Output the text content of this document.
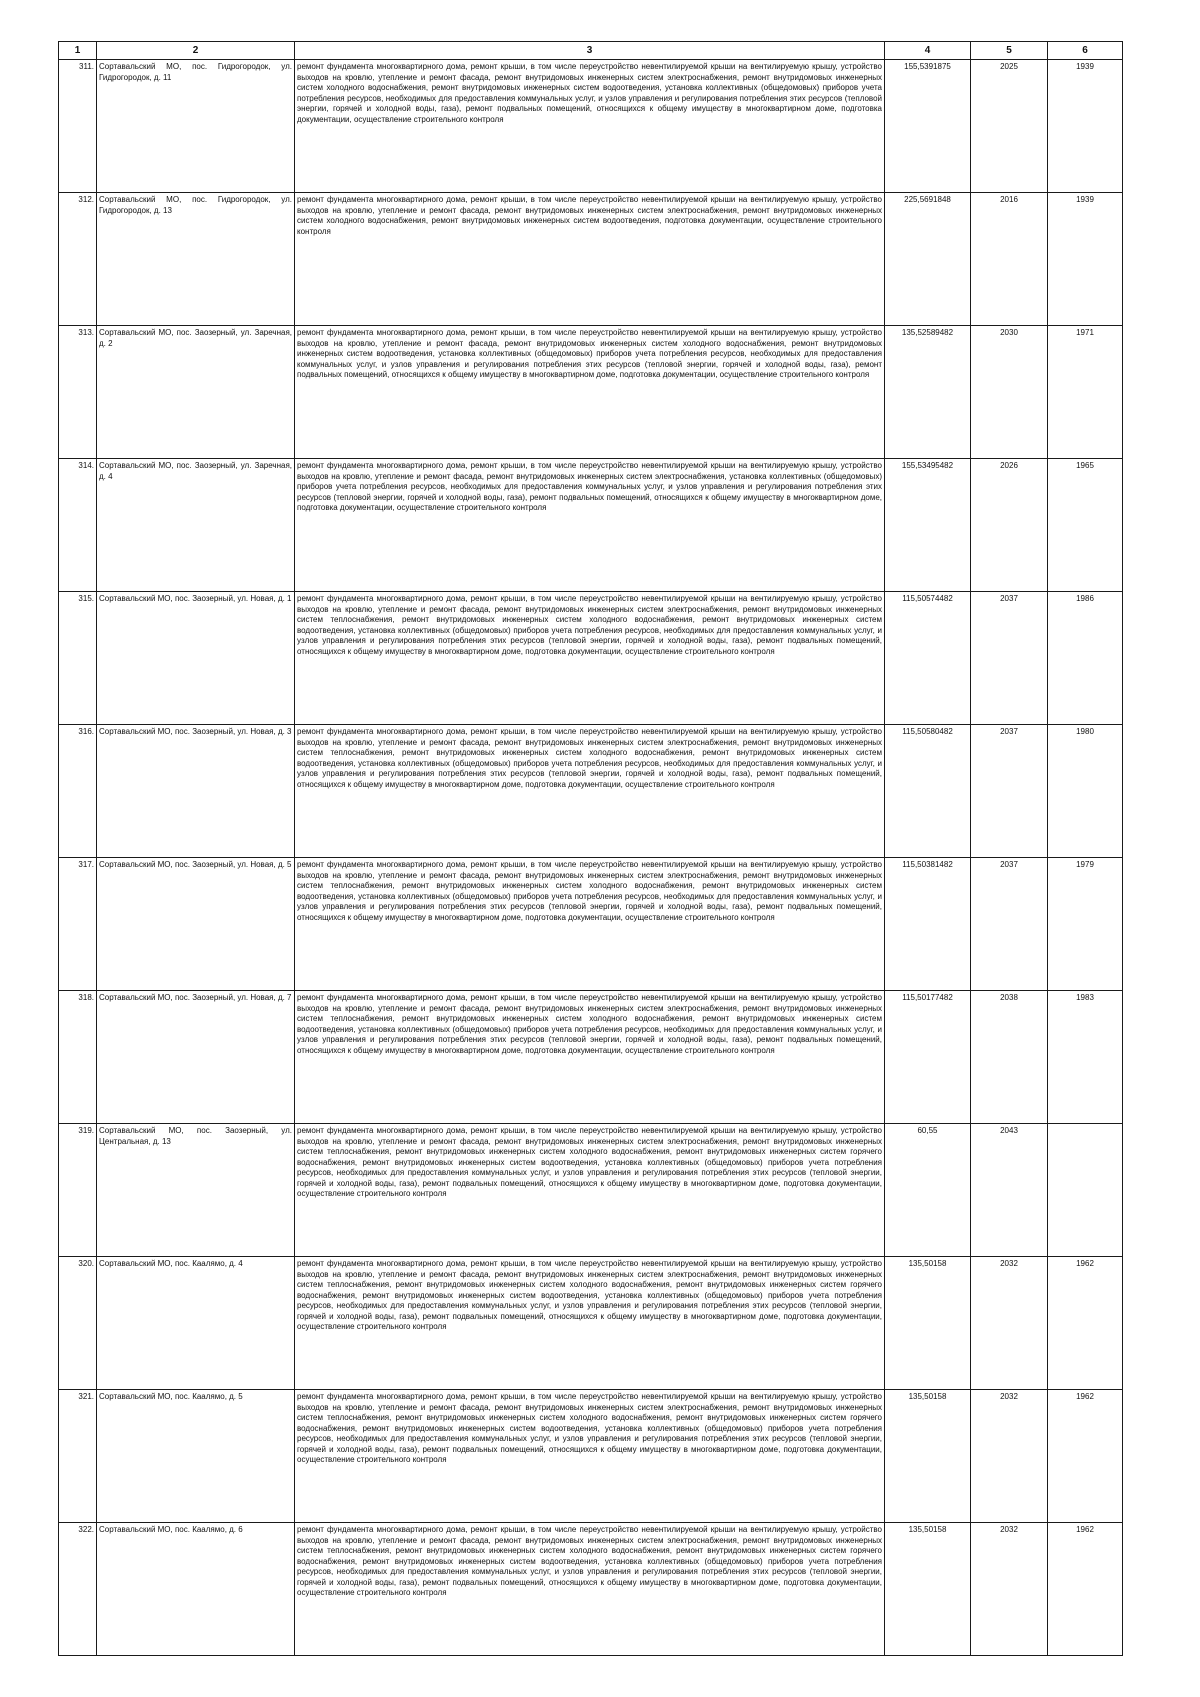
1	2	3	4	5	6
311.	Сортавальский МО, пос. Гидрогородок, ул. Гидрогородок, д. 11	ремонт фундамента многоквартирного дома, ремонт крыши, в том числе переустройство невентилируемой крыши на вентилируемую крышу, устройство выходов на кровлю, утепление и ремонт фасада, ремонт внутридомовых инженерных систем электроснабжения, ремонт внутридомовых инженерных систем холодного водоснабжения, ремонт внутридомовых инженерных систем водоотведения, установка коллективных (общедомовых) приборов учета потребления ресурсов, необходимых для предоставления коммунальных услуг, и узлов управления и регулирования потребления этих ресурсов (тепловой энергии, горячей и холодной воды, газа), ремонт подвальных помещений, относящихся к общему имуществу в многоквартирном доме, подготовка документации, осуществление строительного контроля	155,5391875	2025	1939
312.	Сортавальский МО, пос. Гидрогородок, ул. Гидрогородок, д. 13	ремонт фундамента многоквартирного дома, ремонт крыши, в том числе переустройство невентилируемой крыши на вентилируемую крышу, устройство выходов на кровлю, утепление и ремонт фасада, ремонт внутридомовых инженерных систем электроснабжения, ремонт внутридомовых инженерных систем холодного водоснабжения, ремонт внутридомовых инженерных систем водоотведения, подготовка документации, осуществление строительного контроля	225,5691848	2016	1939
313.	Сортавальский МО, пос. Заозерный, ул. Заречная, д. 2	ремонт фундамента многоквартирного дома, ремонт крыши, в том числе переустройство невентилируемой крыши на вентилируемую крышу, устройство выходов на кровлю, утепление и ремонт фасада, ремонт внутридомовых инженерных систем холодного водоснабжения, ремонт внутридомовых инженерных систем водоотведения, установка коллективных (общедомовых) приборов учета потребления ресурсов, необходимых для предоставления коммунальных услуг, и узлов управления и регулирования потребления этих ресурсов (тепловой энергии, горячей и холодной воды, газа), ремонт подвальных помещений, относящихся к общему имуществу в многоквартирном доме, подготовка документации, осуществление строительного контроля	135,52589482	2030	1971
314.	Сортавальский МО, пос. Заозерный, ул. Заречная, д. 4	ремонт фундамента многоквартирного дома, ремонт крыши, в том числе переустройство невентилируемой крыши на вентилируемую крышу, устройство выходов на кровлю, утепление и ремонт фасада, ремонт внутридомовых инженерных систем электроснабжения, установка коллективных (общедомовых) приборов учета потребления ресурсов, необходимых для предоставления коммунальных услуг, и узлов управления и регулирования потребления этих ресурсов (тепловой энергии, горячей и холодной воды, газа), ремонт подвальных помещений, относящихся к общему имуществу в многоквартирном доме, подготовка документации, осуществление строительного контроля	155,53495482	2026	1965
315.	Сортавальский МО, пос. Заозерный, ул. Новая, д. 1	ремонт фундамента многоквартирного дома, ремонт крыши, в том числе переустройство невентилируемой крыши на вентилируемую крышу, устройство выходов на кровлю, утепление и ремонт фасада, ремонт внутридомовых инженерных систем электроснабжения, ремонт внутридомовых инженерных систем теплоснабжения, ремонт внутридомовых инженерных систем холодного водоснабжения, ремонт внутридомовых инженерных систем водоотведения, установка коллективных (общедомовых) приборов учета потребления ресурсов, необходимых для предоставления коммунальных услуг, и узлов управления и регулирования потребления этих ресурсов (тепловой энергии, горячей и холодной воды, газа), ремонт подвальных помещений, относящихся к общему имуществу в многоквартирном доме, подготовка документации, осуществление строительного контроля	115,50574482	2037	1986
316.	Сортавальский МО, пос. Заозерный, ул. Новая, д. 3	ремонт фундамента многоквартирного дома, ремонт крыши, в том числе переустройство невентилируемой крыши на вентилируемую крышу, устройство выходов на кровлю, утепление и ремонт фасада, ремонт внутридомовых инженерных систем электроснабжения, ремонт внутридомовых инженерных систем теплоснабжения, ремонт внутридомовых инженерных систем холодного водоснабжения, ремонт внутридомовых инженерных систем водоотведения, установка коллективных (общедомовых) приборов учета потребления ресурсов, необходимых для предоставления коммунальных услуг, и узлов управления и регулирования потребления этих ресурсов (тепловой энергии, горячей и холодной воды, газа), ремонт подвальных помещений, относящихся к общему имуществу в многоквартирном доме, подготовка документации, осуществление строительного контроля	115,50580482	2037	1980
317.	Сортавальский МО, пос. Заозерный, ул. Новая, д. 5	ремонт фундамента многоквартирного дома, ремонт крыши, в том числе переустройство невентилируемой крыши на вентилируемую крышу, устройство выходов на кровлю, утепление и ремонт фасада, ремонт внутридомовых инженерных систем электроснабжения, ремонт внутридомовых инженерных систем теплоснабжения, ремонт внутридомовых инженерных систем холодного водоснабжения, ремонт внутридомовых инженерных систем водоотведения, установка коллективных (общедомовых) приборов учета потребления ресурсов, необходимых для предоставления коммунальных услуг, и узлов управления и регулирования потребления этих ресурсов (тепловой энергии, горячей и холодной воды, газа), ремонт подвальных помещений, относящихся к общему имуществу в многоквартирном доме, подготовка документации, осуществление строительного контроля	115,50381482	2037	1979
318.	Сортавальский МО, пос. Заозерный, ул. Новая, д. 7	ремонт фундамента многоквартирного дома, ремонт крыши, в том числе переустройство невентилируемой крыши на вентилируемую крышу, устройство выходов на кровлю, утепление и ремонт фасада, ремонт внутридомовых инженерных систем электроснабжения, ремонт внутридомовых инженерных систем теплоснабжения, ремонт внутридомовых инженерных систем холодного водоснабжения, ремонт внутридомовых инженерных систем водоотведения, установка коллективных (общедомовых) приборов учета потребления ресурсов, необходимых для предоставления коммунальных услуг, и узлов управления и регулирования потребления этих ресурсов (тепловой энергии, горячей и холодной воды, газа), ремонт подвальных помещений, относящихся к общему имуществу в многоквартирном доме, подготовка документации, осуществление строительного контроля	115,50177482	2038	1983
319.	Сортавальский МО, пос. Заозерный, ул. Центральная, д. 13	ремонт фундамента многоквартирного дома, ремонт крыши, в том числе переустройство невентилируемой крыши на вентилируемую крышу, устройство выходов на кровлю, утепление и ремонт фасада, ремонт внутридомовых инженерных систем электроснабжения, ремонт внутридомовых инженерных систем теплоснабжения, ремонт внутридомовых инженерных систем холодного водоснабжения, ремонт внутридомовых инженерных систем горячего водоснабжения, ремонт внутридомовых инженерных систем водоотведения, установка коллективных (общедомовых) приборов учета потребления ресурсов, необходимых для предоставления коммунальных услуг, и узлов управления и регулирования потребления этих ресурсов (тепловой энергии, горячей и холодной воды, газа), ремонт подвальных помещений, относящихся к общему имуществу в многоквартирном доме, подготовка документации, осуществление строительного контроля	60,55	2043	
320.	Сортавальский МО, пос. Каалямо, д. 4	ремонт фундамента многоквартирного дома, ремонт крыши, в том числе переустройство невентилируемой крыши на вентилируемую крышу, устройство выходов на кровлю, утепление и ремонт фасада, ремонт внутридомовых инженерных систем электроснабжения, ремонт внутридомовых инженерных систем теплоснабжения, ремонт внутридомовых инженерных систем холодного водоснабжения, ремонт внутридомовых инженерных систем горячего водоснабжения, ремонт внутридомовых инженерных систем водоотведения, установка коллективных (общедомовых) приборов учета потребления ресурсов, необходимых для предоставления коммунальных услуг, и узлов управления и регулирования потребления этих ресурсов (тепловой энергии, горячей и холодной воды, газа), ремонт подвальных помещений, относящихся к общему имуществу в многоквартирном доме, подготовка документации, осуществление строительного контроля	135,50158	2032	1962
321.	Сортавальский МО, пос. Каалямо, д. 5	ремонт фундамента многоквартирного дома, ремонт крыши, в том числе переустройство невентилируемой крыши на вентилируемую крышу, устройство выходов на кровлю, утепление и ремонт фасада, ремонт внутридомовых инженерных систем электроснабжения, ремонт внутридомовых инженерных систем теплоснабжения, ремонт внутридомовых инженерных систем холодного водоснабжения, ремонт внутридомовых инженерных систем горячего водоснабжения, ремонт внутридомовых инженерных систем водоотведения, установка коллективных (общедомовых) приборов учета потребления ресурсов, необходимых для предоставления коммунальных услуг, и узлов управления и регулирования потребления этих ресурсов (тепловой энергии, горячей и холодной воды, газа), ремонт подвальных помещений, относящихся к общему имуществу в многоквартирном доме, подготовка документации, осуществление строительного контроля	135,50158	2032	1962
322.	Сортавальский МО, пос. Каалямо, д. 6	ремонт фундамента многоквартирного дома, ремонт крыши, в том числе переустройство невентилируемой крыши на вентилируемую крышу, устройство выходов на кровлю, утепление и ремонт фасада, ремонт внутридомовых инженерных систем электроснабжения, ремонт внутридомовых инженерных систем теплоснабжения, ремонт внутридомовых инженерных систем холодного водоснабжения, ремонт внутридомовых инженерных систем горячего водоснабжения, ремонт внутридомовых инженерных систем водоотведения, установка коллективных (общедомовых) приборов учета потребления ресурсов, необходимых для предоставления коммунальных услуг, и узлов управления и регулирования потребления этих ресурсов (тепловой энергии, горячей и холодной воды, газа), ремонт подвальных помещений, относящихся к общему имуществу в многоквартирном доме, подготовка документации, осуществление строительного контроля	135,50158	2032	1962
